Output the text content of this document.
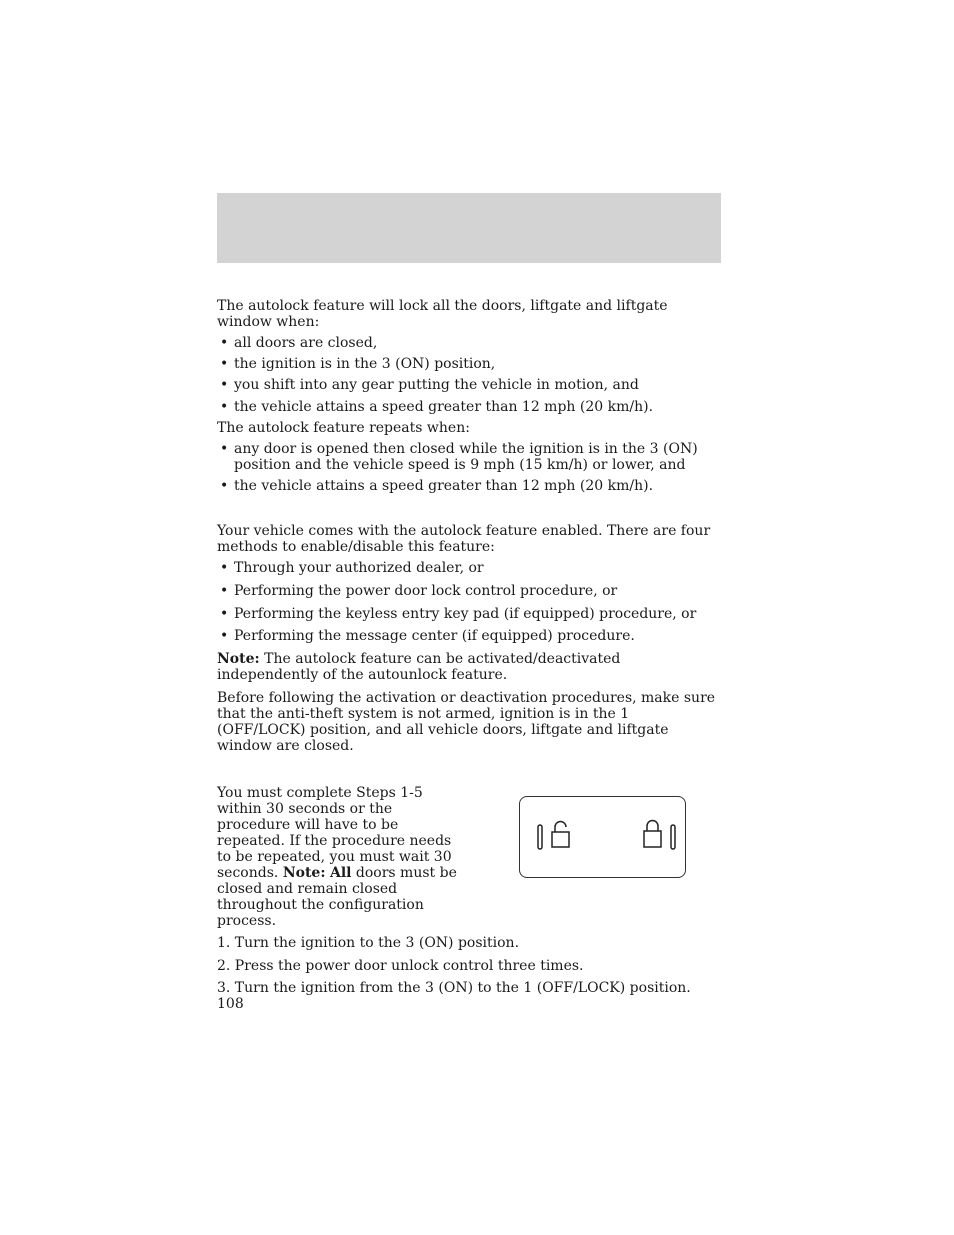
The autolock feature will lock all the doors, liftgate and liftgate window when:

• all doors are closed,
• the ignition is in the 3 (ON) position,
• you shift into any gear putting the vehicle in motion, and
• the vehicle attains a speed greater than 12 mph (20 km/h).

The autolock feature repeats when:

• any door is opened then closed while the ignition is in the 3 (ON) position and the vehicle speed is 9 mph (15 km/h) or lower, and
• the vehicle attains a speed greater than 12 mph (20 km/h).

Your vehicle comes with the autolock feature enabled. There are four methods to enable/disable this feature:

• Through your authorized dealer, or
• Performing the power door lock control procedure, or
• Performing the keyless entry key pad (if equipped) procedure, or
• Performing the message center (if equipped) procedure.

Note: The autolock feature can be activated/deactivated independently of the autounlock feature.

Before following the activation or deactivation procedures, make sure that the anti-theft system is not armed, ignition is in the 1 (OFF/LOCK) position, and all vehicle doors, liftgate and liftgate window are closed.

You must complete Steps 1-5 within 30 seconds or the procedure will have to be repeated. If the procedure needs to be repeated, you must wait 30 seconds. Note: All doors must be closed and remain closed throughout the configuration process.

1. Turn the ignition to the 3 (ON) position.
2. Press the power door unlock control three times.
3. Turn the ignition from the 3 (ON) to the 1 (OFF/LOCK) position.

108
